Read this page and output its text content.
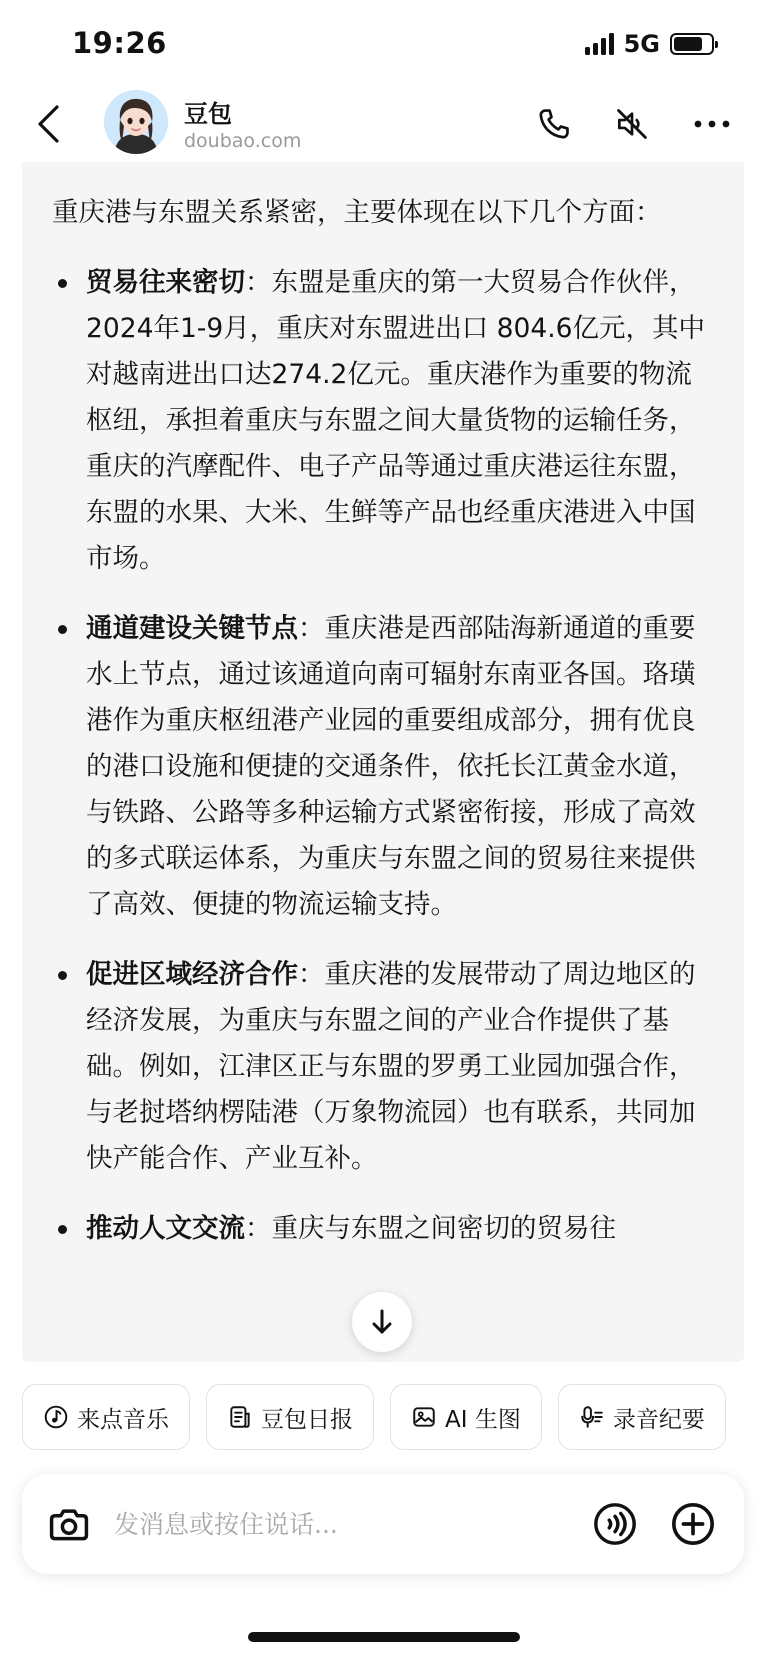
19:26	5G
豆包
doubao.com

重庆港与东盟关系紧密，主要体现在以下几个方面：

贸易往来密切：东盟是重庆的第一大贸易合作伙伴，2024年1-9月，重庆对东盟进出口 804.6亿元，其中对越南进出口达274.2亿元。重庆港作为重要的物流枢纽，承担着重庆与东盟之间大量货物的运输任务，重庆的汽摩配件、电子产品等通过重庆港运往东盟，东盟的水果、大米、生鲜等产品也经重庆港进入中国市场。
通道建设关键节点：重庆港是西部陆海新通道的重要水上节点，通过该通道向南可辐射东南亚各国。珞璜港作为重庆枢纽港产业园的重要组成部分，拥有优良的港口设施和便捷的交通条件，依托长江黄金水道，与铁路、公路等多种运输方式紧密衔接，形成了高效的多式联运体系，为重庆与东盟之间的贸易往来提供了高效、便捷的物流运输支持。
促进区域经济合作：重庆港的发展带动了周边地区的经济发展，为重庆与东盟之间的产业合作提供了基础。例如，江津区正与东盟的罗勇工业园加强合作，与老挝塔纳楞陆港（万象物流园）也有联系，共同加快产能合作、产业互补。
推动人文交流：重庆与东盟之间密切的贸易往
来点音乐	豆包日报	AI 生图	录音纪要
发消息或按住说话...
